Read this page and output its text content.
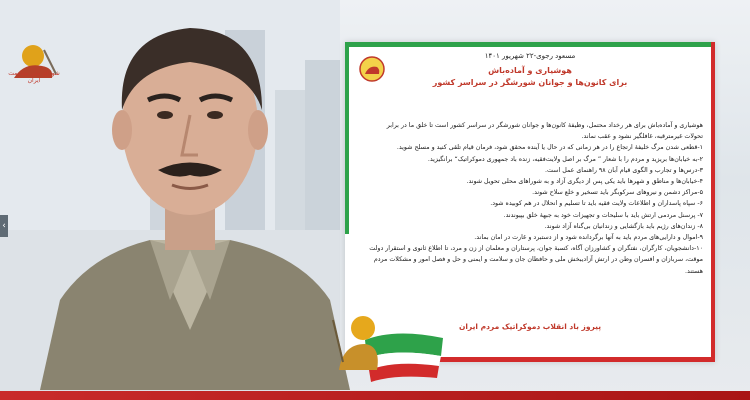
شورای ملی مقاومت ایران
‹
مسعود رجوی-۲۲ شهریور ۱۴۰۱
هوشیاری و آماده‌باش
برای کانون‌ها و جوانان شورشگر در سراسر کشور

هوشیاری و آماده‌باش برای هر رخداد محتمل، وظیفهٔ کانون‌ها و جوانان شورشگر در سراسر کشور است تا خلق ما در برابر

تحولات غیرمترقبه، غافلگیر نشود و عقب نماند.

۱-قطعی شدن مرگ خلیفهٔ ارتجاع را در هر زمانی که در حال یا آینده محقق شود، فرمان قیام تلقی کنید و مسلح شوید.

۲-به خیابان‌ها بریزید و مردم را با شعار ” مرگ بر اصل ولایت‌فقیه، زنده باد جمهوری دموکراتیک“ برانگیزید.

۳-درس‌ها و تجارب و الگوی قیام آبان ۹۸ راهنمای عمل است.

۴-خیابان‌ها و مناطق و شهرها باید یکی پس از دیگری آزاد و به شوراهای محلی تحویل شوند.

۵-مراکز دشمن و نیروهای سرکوبگر باید تسخیر و خلع سلاح شوند.

۶- سپاه پاسداران و اطلاعات ولایت فقیه باید تا تسلیم و انحلال در هم کوبیده شود.

۷- پرسنل مردمی ارتش باید با سلیحات و تجهیزات خود به جبههٔ خلق بپیوندند.

۸- زندان‌های رژیم باید بازگشایی و زندانیان بی‌گناه آزاد شوند.

۹-اموال و دارایی‌های مردم باید به آنها برگردانده شود و از دستبرد و غارت در امان بماند.

۱۰-دانشجویان، کارگران، نفتگران و کشاورزان آگاه، کسبهٔ جوان، پرستاران و معلمان از زن و مرد، تا اطلاع ثانوی و استقرار دولت

موقت، سربازان و افسران وطن در ارتش آزادیبخش ملی و حافظان جان و سلامت و ایمنی و حل و فصل امور و مشکلات مردم

هستند.

پیروز باد انقلاب دموکراتیک مردم ایران
